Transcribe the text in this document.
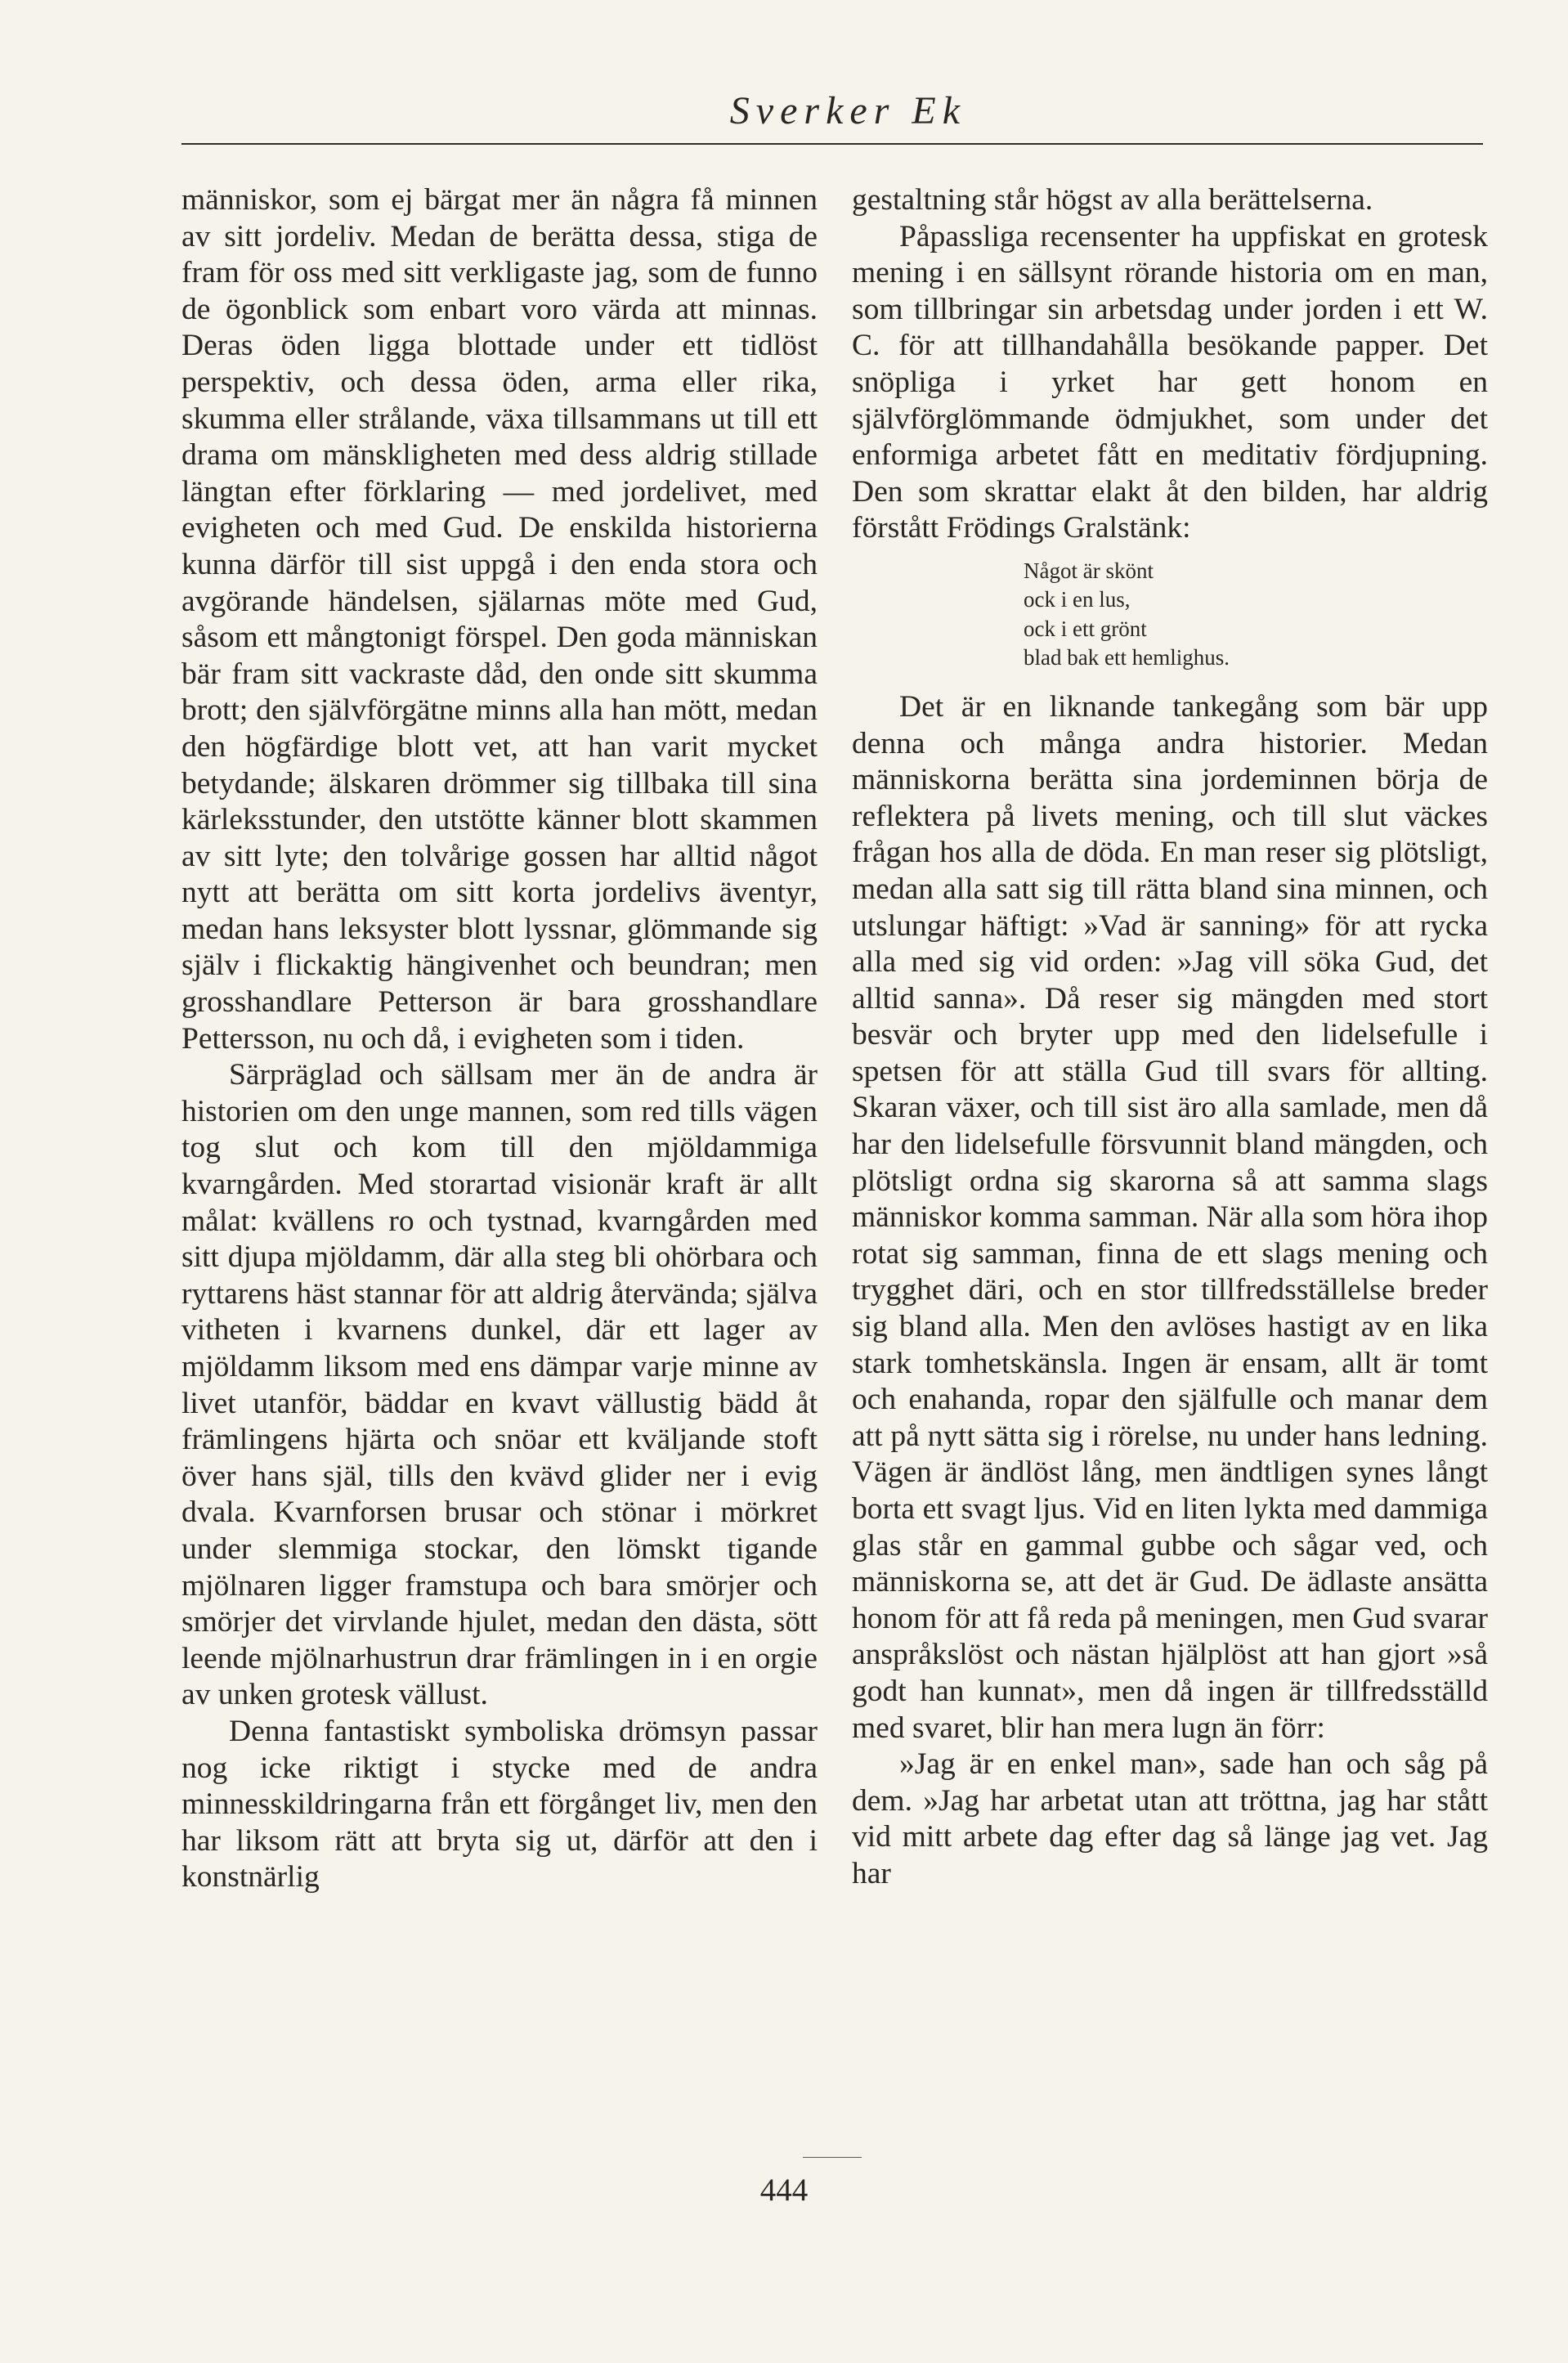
Sverker Ek

människor, som ej bärgat mer än några få minnen av sitt jordeliv. Medan de berätta dessa, stiga de fram för oss med sitt verkligaste jag, som de funno de ögonblick som enbart voro värda att minnas. Deras öden ligga blottade under ett tidlöst perspektiv, och dessa öden, arma eller rika, skumma eller strålande, växa tillsammans ut till ett drama om mänskligheten med dess aldrig stillade längtan efter förklaring — med jordelivet, med evigheten och med Gud. De enskilda historierna kunna därför till sist uppgå i den enda stora och avgörande händelsen, själarnas möte med Gud, såsom ett mångtonigt förspel. Den goda människan bär fram sitt vackraste dåd, den onde sitt skumma brott; den självförgätne minns alla han mött, medan den högfärdige blott vet, att han varit mycket betydande; älskaren drömmer sig tillbaka till sina kärleksstunder, den utstötte känner blott skammen av sitt lyte; den tolvårige gossen har alltid något nytt att berätta om sitt korta jordelivs äventyr, medan hans leksyster blott lyssnar, glömmande sig själv i flickaktig hängivenhet och beundran; men grosshandlare Petterson är bara grosshandlare Pettersson, nu och då, i evigheten som i tiden.

Särpräglad och sällsam mer än de andra är historien om den unge mannen, som red tills vägen tog slut och kom till den mjöldammiga kvarngården. Med storartad visionär kraft är allt målat: kvällens ro och tystnad, kvarngården med sitt djupa mjöldamm, där alla steg bli ohörbara och ryttarens häst stannar för att aldrig återvända; själva vitheten i kvarnens dunkel, där ett lager av mjöldamm liksom med ens dämpar varje minne av livet utanför, bäddar en kvavt vällustig bädd åt främlingens hjärta och snöar ett kväljande stoft över hans själ, tills den kvävd glider ner i evig dvala. Kvarnforsen brusar och stönar i mörkret under slemmiga stockar, den lömskt tigande mjölnaren ligger framstupa och bara smörjer och smörjer det virvlande hjulet, medan den dästa, sött leende mjölnarhustrun drar främlingen in i en orgie av unken grotesk vällust.

Denna fantastiskt symboliska drömsyn passar nog icke riktigt i stycke med de andra minnesskildringarna från ett förgånget liv, men den har liksom rätt att bryta sig ut, därför att den i konstnärlig

gestaltning står högst av alla berättelserna.

Påpassliga recensenter ha uppfiskat en grotesk mening i en sällsynt rörande historia om en man, som tillbringar sin arbetsdag under jorden i ett W. C. för att tillhandahålla besökande papper. Det snöpliga i yrket har gett honom en självförglömmande ödmjukhet, som under det enformiga arbetet fått en meditativ fördjupning. Den som skrattar elakt åt den bilden, har aldrig förstått Frödings Gralstänk:

Något är skönt
ock i en lus,
ock i ett grönt
blad bak ett hemlighus.

Det är en liknande tankegång som bär upp denna och många andra historier. Medan människorna berätta sina jordeminnen börja de reflektera på livets mening, och till slut väckes frågan hos alla de döda. En man reser sig plötsligt, medan alla satt sig till rätta bland sina minnen, och utslungar häftigt: »Vad är sanning» för att rycka alla med sig vid orden: »Jag vill söka Gud, det alltid sanna». Då reser sig mängden med stort besvär och bryter upp med den lidelsefulle i spetsen för att ställa Gud till svars för allting. Skaran växer, och till sist äro alla samlade, men då har den lidelsefulle försvunnit bland mängden, och plötsligt ordna sig skarorna så att samma slags människor komma samman. När alla som höra ihop rotat sig samman, finna de ett slags mening och trygghet däri, och en stor tillfredsställelse breder sig bland alla. Men den avlöses hastigt av en lika stark tomhetskänsla. Ingen är ensam, allt är tomt och enahanda, ropar den själfulle och manar dem att på nytt sätta sig i rörelse, nu under hans ledning. Vägen är ändlöst lång, men ändtligen synes långt borta ett svagt ljus. Vid en liten lykta med dammiga glas står en gammal gubbe och sågar ved, och människorna se, att det är Gud. De ädlaste ansätta honom för att få reda på meningen, men Gud svarar anspråkslöst och nästan hjälplöst att han gjort »så godt han kunnat», men då ingen är tillfredsställd med svaret, blir han mera lugn än förr:

»Jag är en enkel man», sade han och såg på dem. »Jag har arbetat utan att tröttna, jag har stått vid mitt arbete dag efter dag så länge jag vet. Jag har

444
